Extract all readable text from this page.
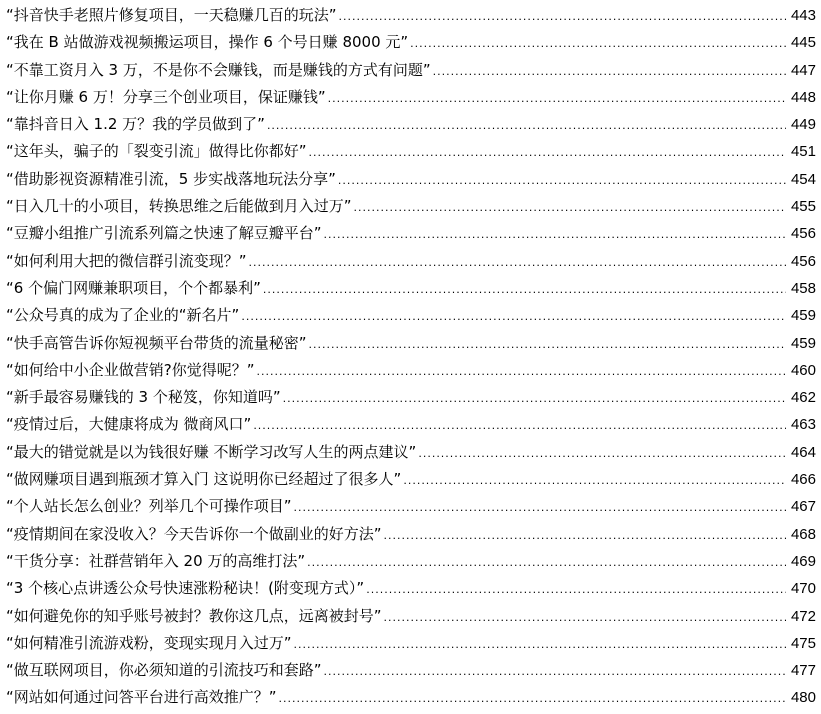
“抖音快手老照片修复项目，一天稳赚几百的玩法” .....	443
“我在 B 站做游戏视频搬运项目，操作 6 个号日赚 8000 元” .....	445
“不靠工资月入 3 万，不是你不会赚钱，而是赚钱的方式有问题” .....	447
“让你月赚 6 万！分享三个创业项目，保证赚钱” .....	448
“靠抖音日入 1.2 万？我的学员做到了” .....	449
“这年头，骗子的「裂变引流」做得比你都好” .....	451
“借助影视资源精准引流，5 步实战落地玩法分享” .....	454
“日入几十的小项目，转换思维之后能做到月入过万” .....	455
“豆瓣小组推广引流系列篇之快速了解豆瓣平台” .....	456
“如何利用大把的微信群引流变现？” .....	456
“6 个偏门网赚兼职项目，个个都暴利” .....	458
“公众号真的成为了企业的“新名片” .....	459
“快手高管告诉你短视频平台带货的流量秘密” .....	459
“如何给中小企业做营销?你觉得呢？” .....	460
“新手最容易赚钱的 3 个秘笈，你知道吗” .....	462
“疫情过后，大健康将成为 微商风口” .....	463
“最大的错觉就是以为钱很好赚 不断学习改写人生的两点建议” .....	464
“做网赚项目遇到瓶颈才算入门 这说明你已经超过了很多人” .....	466
“个人站长怎么创业？列举几个可操作项目” .....	467
“疫情期间在家没收入？今天告诉你一个做副业的好方法” .....	468
“干货分享：社群营销年入 20 万的高维打法” .....	469
“3 个核心点讲透公众号快速涨粉秘诀！(附变现方式）” .....	470
“如何避免你的知乎账号被封？教你这几点，远离被封号” .....	472
“如何精准引流游戏粉，变现实现月入过万” .....	475
“做互联网项目，你必须知道的引流技巧和套路” .....	477
“网站如何通过问答平台进行高效推广？” .....	480
